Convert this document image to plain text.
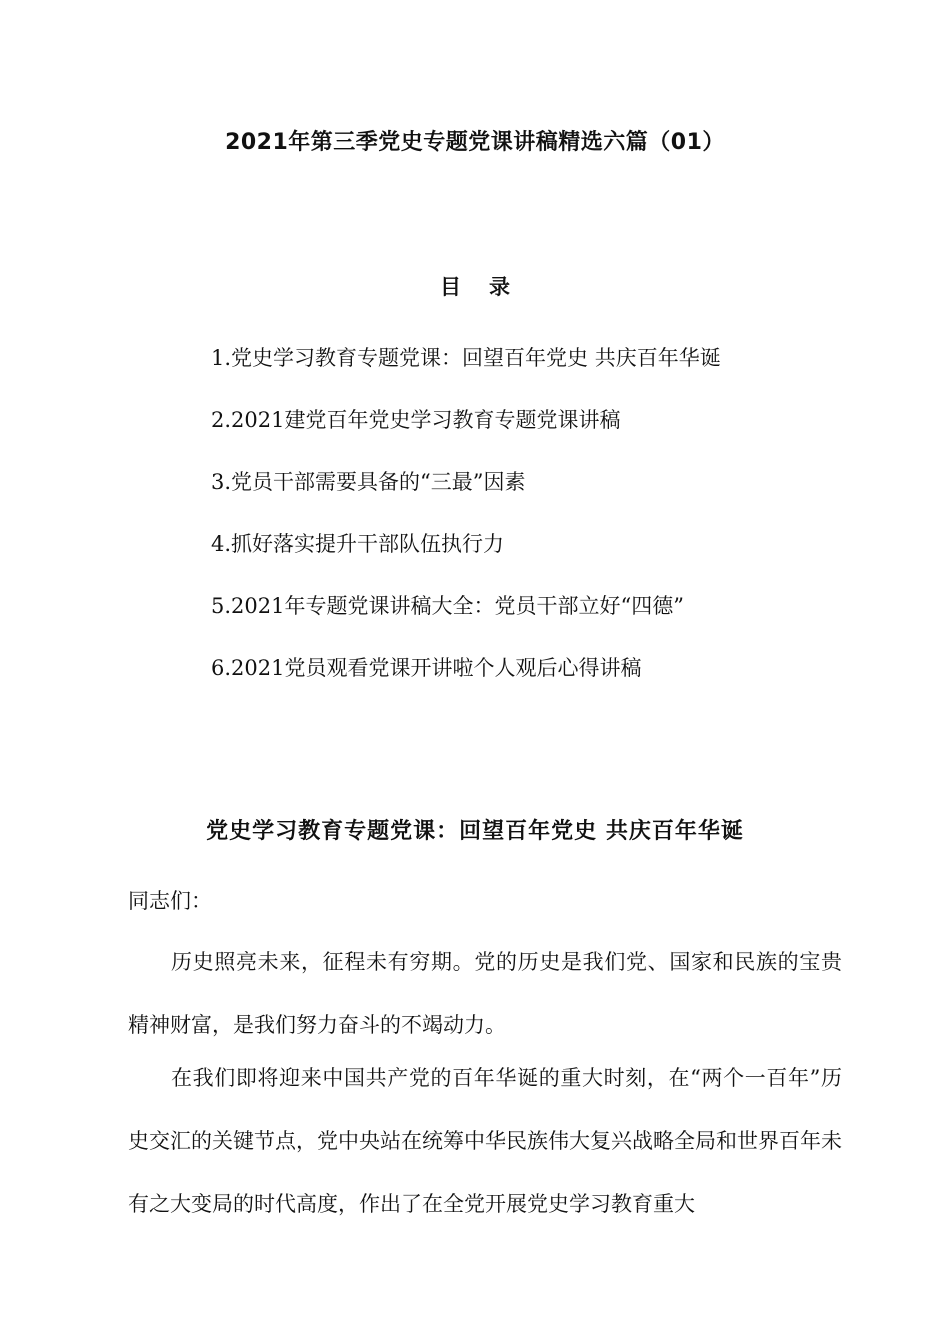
2021年第三季党史专题党课讲稿精选六篇（01）
目 录
1.党史学习教育专题党课：回望百年党史 共庆百年华诞
2.2021建党百年党史学习教育专题党课讲稿
3.党员干部需要具备的“三最”因素
4.抓好落实提升干部队伍执行力
5.2021年专题党课讲稿大全：党员干部立好“四德”
6.2021党员观看党课开讲啦个人观后心得讲稿
党史学习教育专题党课：回望百年党史 共庆百年华诞
同志们：

历史照亮未来，征程未有穷期。党的历史是我们党、国家和民族的宝贵精神财富，是我们努力奋斗的不竭动力。

在我们即将迎来中国共产党的百年华诞的重大时刻，在“两个一百年”历史交汇的关键节点，党中央站在统筹中华民族伟大复兴战略全局和世界百年未有之大变局的时代高度，作出了在全党开展党史学习教育重大
